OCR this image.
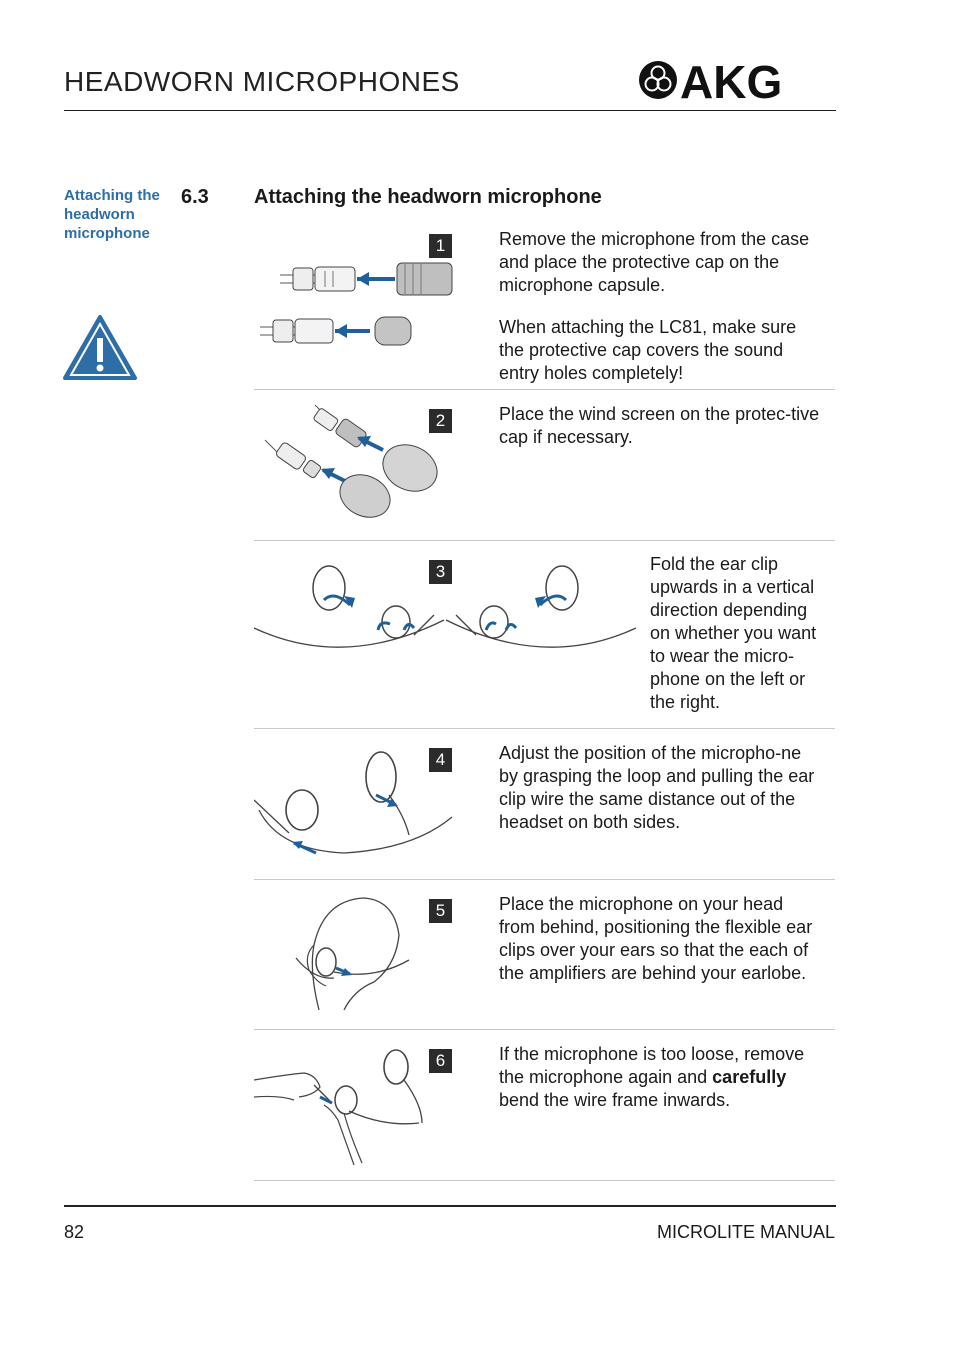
HEADWORN MICROPHONES	AKG
Attaching the headworn microphone
6.3 Attaching the headworn microphone
1	Remove the microphone from the case and place the protective cap on the microphone capsule.
When attaching the LC81, make sure the protective cap covers the sound entry holes completely!
2	Place the wind screen on the protec-tive cap if necessary.
3	Fold the ear clip upwards in a vertical direction depending on whether you want to wear the micro-phone on the left or the right.
4	Adjust the position of the micropho-ne by grasping the loop and pulling the ear clip wire the same distance out of the headset on both sides.
5	Place the microphone on your head from behind, positioning the flexible ear clips over your ears so that the each of the amplifiers are behind your earlobe.
6	If the microphone is too loose, remove the microphone again and carefully bend the wire frame inwards.
82	MICROLITE MANUAL
